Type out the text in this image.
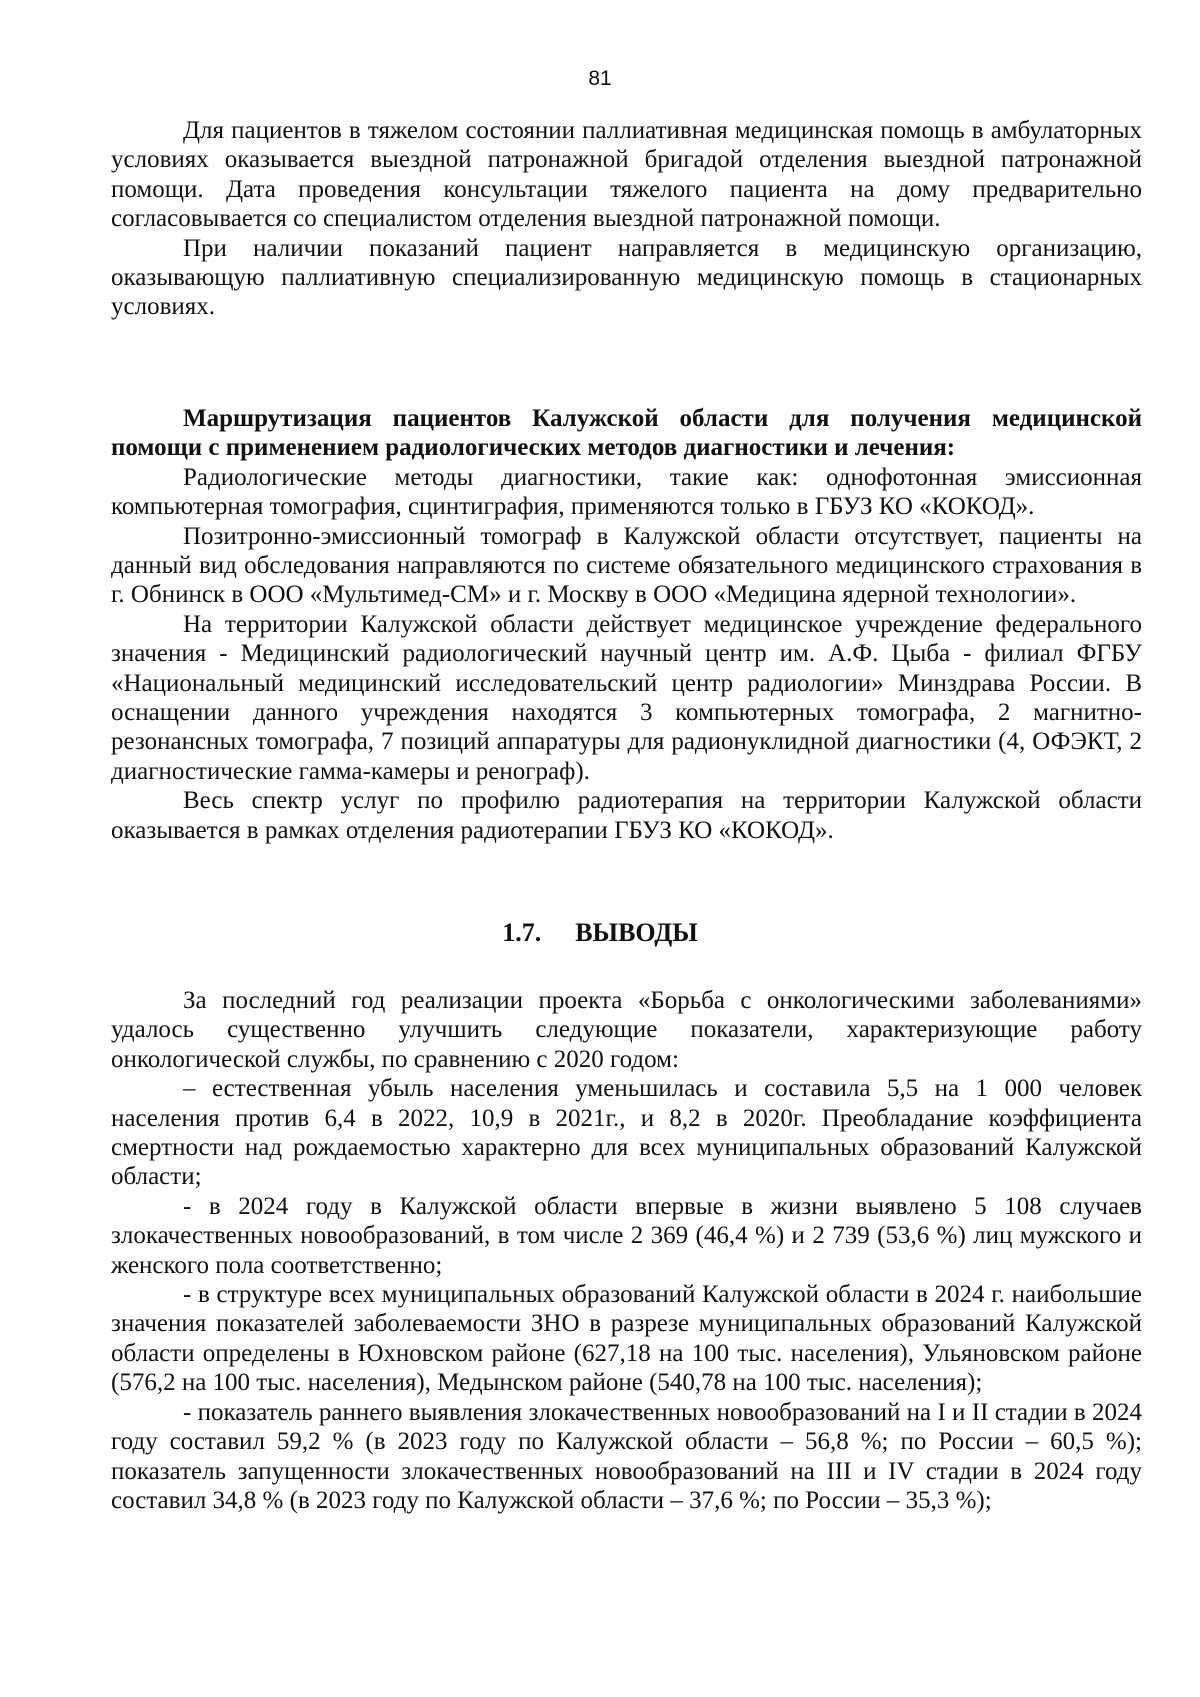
81

Для пациентов в тяжелом состоянии паллиативная медицинская помощь в амбулаторных условиях оказывается выездной патронажной бригадой отделения выездной патронажной помощи. Дата проведения консультации тяжелого пациента на дому предварительно согласовывается со специалистом отделения выездной патронажной помощи.

При наличии показаний пациент направляется в медицинскую организацию, оказывающую паллиативную специализированную медицинскую помощь в стационарных условиях.

Маршрутизация пациентов Калужской области для получения медицинской помощи с применением радиологических методов диагностики и лечения:

Радиологические методы диагностики, такие как: однофотонная эмиссионная компьютерная томография, сцинтиграфия, применяются только в ГБУЗ КО «КОКОД».

Позитронно-эмиссионный томограф в Калужской области отсутствует, пациенты на данный вид обследования направляются по системе обязательного медицинского страхования в г. Обнинск в ООО «Мультимед-СМ» и г. Москву в ООО «Медицина ядерной технологии».

На территории Калужской области действует медицинское учреждение федерального значения - Медицинский радиологический научный центр им. А.Ф. Цыба - филиал ФГБУ «Национальный медицинский исследовательский центр радиологии» Минздрава России. В оснащении данного учреждения находятся 3 компьютерных томографа, 2 магнитно-резонансных томографа, 7 позиций аппаратуры для радионуклидной диагностики (4, ОФЭКТ, 2 диагностические гамма-камеры и ренограф).

Весь спектр услуг по профилю радиотерапия на территории Калужской области оказывается в рамках отделения радиотерапии ГБУЗ КО «КОКОД».

1.7. ВЫВОДЫ

За последний год реализации проекта «Борьба с онкологическими заболеваниями» удалось существенно улучшить следующие показатели, характеризующие работу онкологической службы, по сравнению с 2020 годом:

– естественная убыль населения уменьшилась и составила 5,5 на 1 000 человек населения против 6,4 в 2022, 10,9 в 2021г., и 8,2 в 2020г. Преобладание коэффициента смертности над рождаемостью характерно для всех муниципальных образований Калужской области;

- в 2024 году в Калужской области впервые в жизни выявлено 5 108 случаев злокачественных новообразований, в том числе 2 369 (46,4 %) и 2 739 (53,6 %) лиц мужского и женского пола соответственно;

- в структуре всех муниципальных образований Калужской области в 2024 г. наибольшие значения показателей заболеваемости ЗНО в разрезе муниципальных образований Калужской области определены в Юхновском районе (627,18 на 100 тыс. населения), Ульяновском районе (576,2 на 100 тыс. населения), Медынском районе (540,78 на 100 тыс. населения);

- показатель раннего выявления злокачественных новообразований на I и II стадии в 2024 году составил 59,2 % (в 2023 году по Калужской области – 56,8 %; по России – 60,5 %); показатель запущенности злокачественных новообразований на III и IV стадии в 2024 году составил 34,8 % (в 2023 году по Калужской области – 37,6 %; по России – 35,3 %);
